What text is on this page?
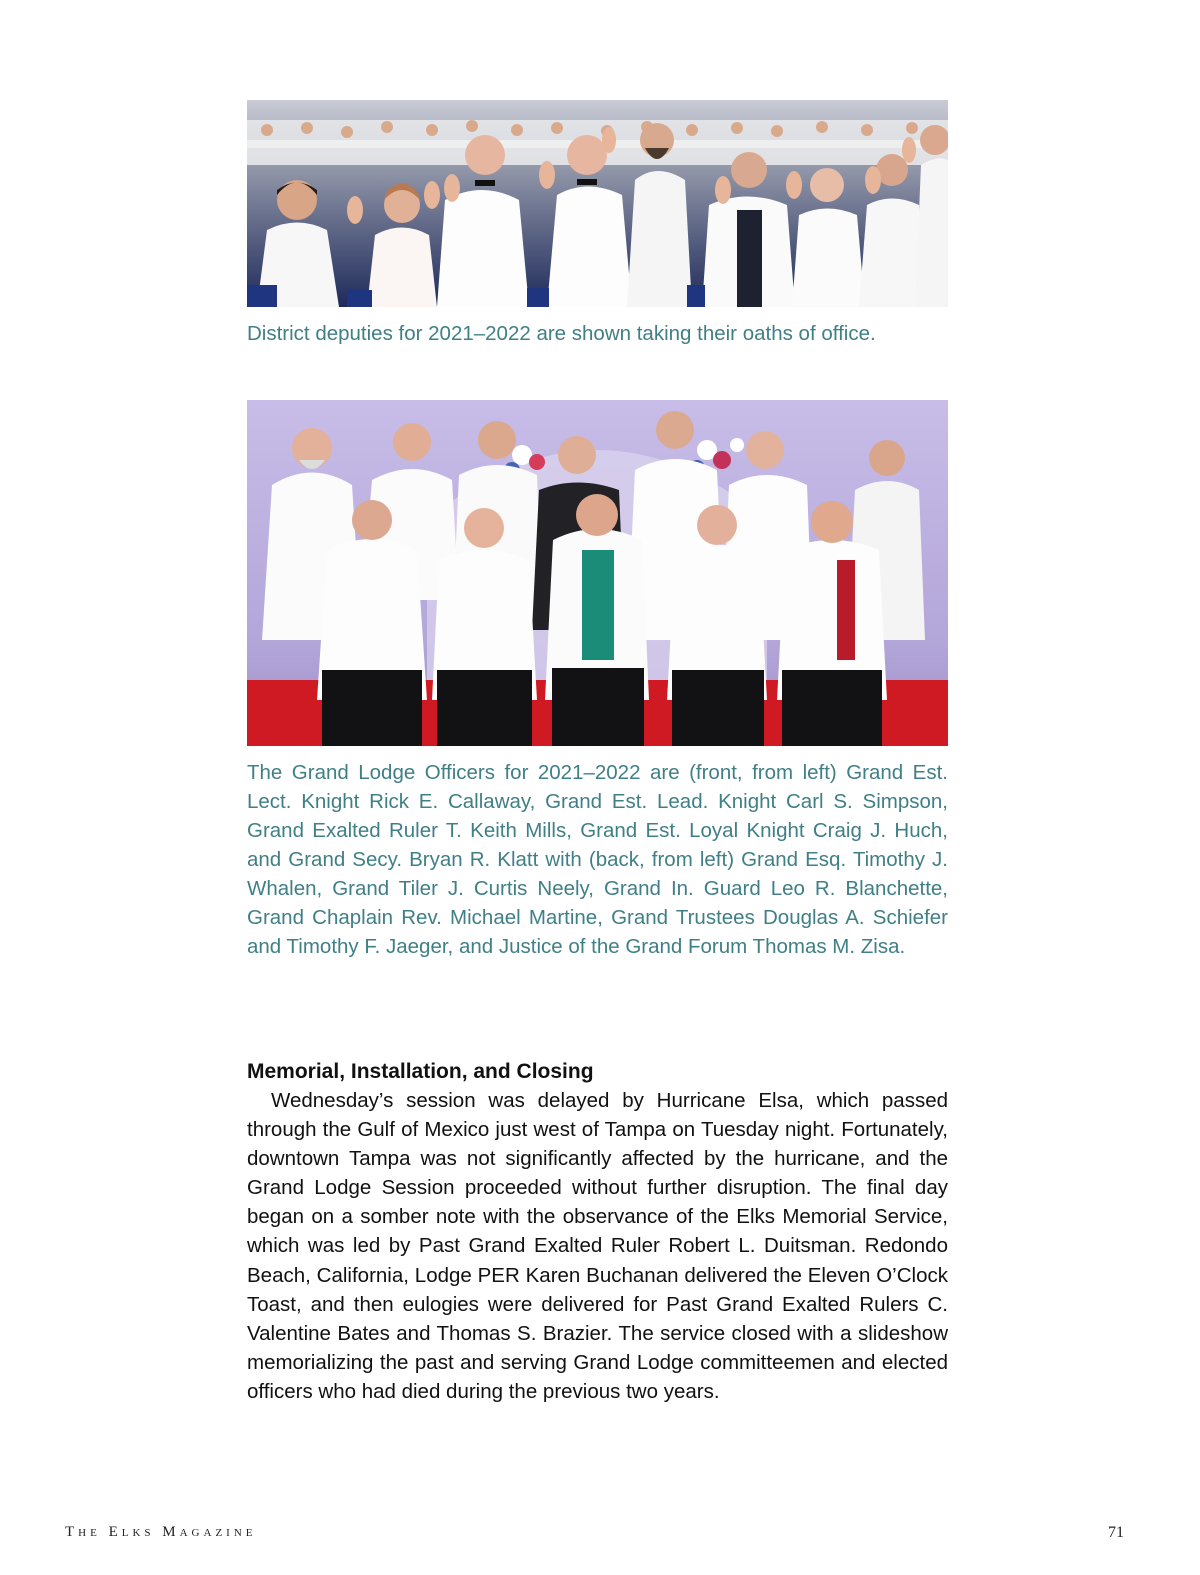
District deputies for 2021–2022 are shown taking their oaths of office.

The Grand Lodge Officers for 2021–2022 are (front, from left) Grand Est. Lect. Knight Rick E. Callaway, Grand Est. Lead. Knight Carl S. Simpson, Grand Exalted Ruler T. Keith Mills, Grand Est. Loyal Knight Craig J. Huch, and Grand Secy. Bryan R. Klatt with (back, from left) Grand Esq. Timothy J. Whalen, Grand Tiler J. Curtis Neely, Grand In. Guard Leo R. Blanchette, Grand Chaplain Rev. Michael Martine, Grand Trustees Douglas A. Schiefer and Timothy F. Jaeger, and Justice of the Grand Forum Thomas M. Zisa.

Memorial, Installation, and Closing

Wednesday’s session was delayed by Hurricane Elsa, which passed through the Gulf of Mexico just west of Tampa on Tuesday night. Fortunately, downtown Tampa was not significantly affected by the hurricane, and the Grand Lodge Session proceeded without further disruption. The final day began on a somber note with the observance of the Elks Memorial Service, which was led by Past Grand Exalted Ruler Robert L. Duitsman. Redondo Beach, California, Lodge PER Karen Buchanan delivered the Eleven O’Clock Toast, and then eulogies were delivered for Past Grand Exalted Rulers C. Valentine Bates and Thomas S. Brazier. The service closed with a slideshow memorializing the past and serving Grand Lodge committeemen and elected officers who had died during the previous two years.

The Elks Magazine	71
